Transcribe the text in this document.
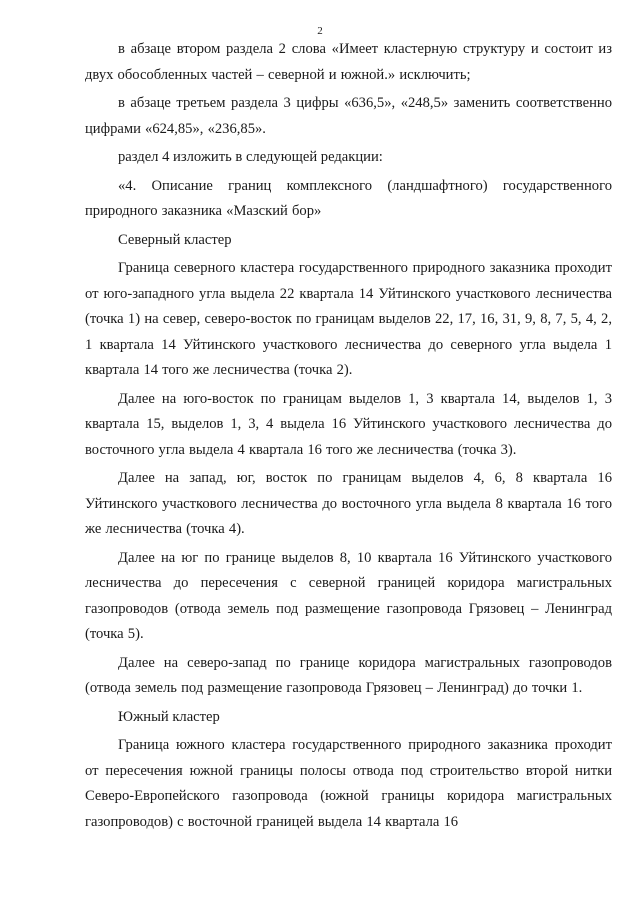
2

в абзаце втором раздела 2 слова «Имеет кластерную структуру и состоит из двух обособленных частей – северной и южной.» исключить;

в абзаце третьем раздела 3 цифры «636,5», «248,5» заменить соответственно цифрами «624,85», «236,85».

раздел 4 изложить в следующей редакции:

«4. Описание границ комплексного (ландшафтного) государственного природного заказника «Мазский бор»

Северный кластер

Граница северного кластера государственного природного заказника проходит от юго-западного угла выдела 22 квартала 14 Уйтинского участкового лесничества (точка 1) на север, северо-восток по границам выделов 22, 17, 16, 31, 9, 8, 7, 5, 4, 2, 1 квартала 14 Уйтинского участкового лесничества до северного угла выдела 1 квартала 14 того же лесничества (точка 2).

Далее на юго-восток по границам выделов 1, 3 квартала 14, выделов 1, 3 квартала 15, выделов 1, 3, 4 выдела 16 Уйтинского участкового лесничества до восточного угла выдела 4 квартала 16 того же лесничества (точка 3).

Далее на запад, юг, восток по границам выделов 4, 6, 8 квартала 16 Уйтинского участкового лесничества до восточного угла выдела 8 квартала 16 того же лесничества (точка 4).

Далее на юг по границе выделов 8, 10 квартала 16 Уйтинского участкового лесничества до пересечения с северной границей коридора магистральных газопроводов (отвода земель под размещение газопровода Грязовец – Ленинград (точка 5).

Далее на северо-запад по границе коридора магистральных газопроводов (отвода земель под размещение газопровода Грязовец – Ленинград) до точки 1.

Южный кластер

Граница южного кластера государственного природного заказника проходит от пересечения южной границы полосы отвода под строительство второй нитки Северо-Европейского газопровода (южной границы коридора магистральных газопроводов) с восточной границей выдела 14 квартала 16
